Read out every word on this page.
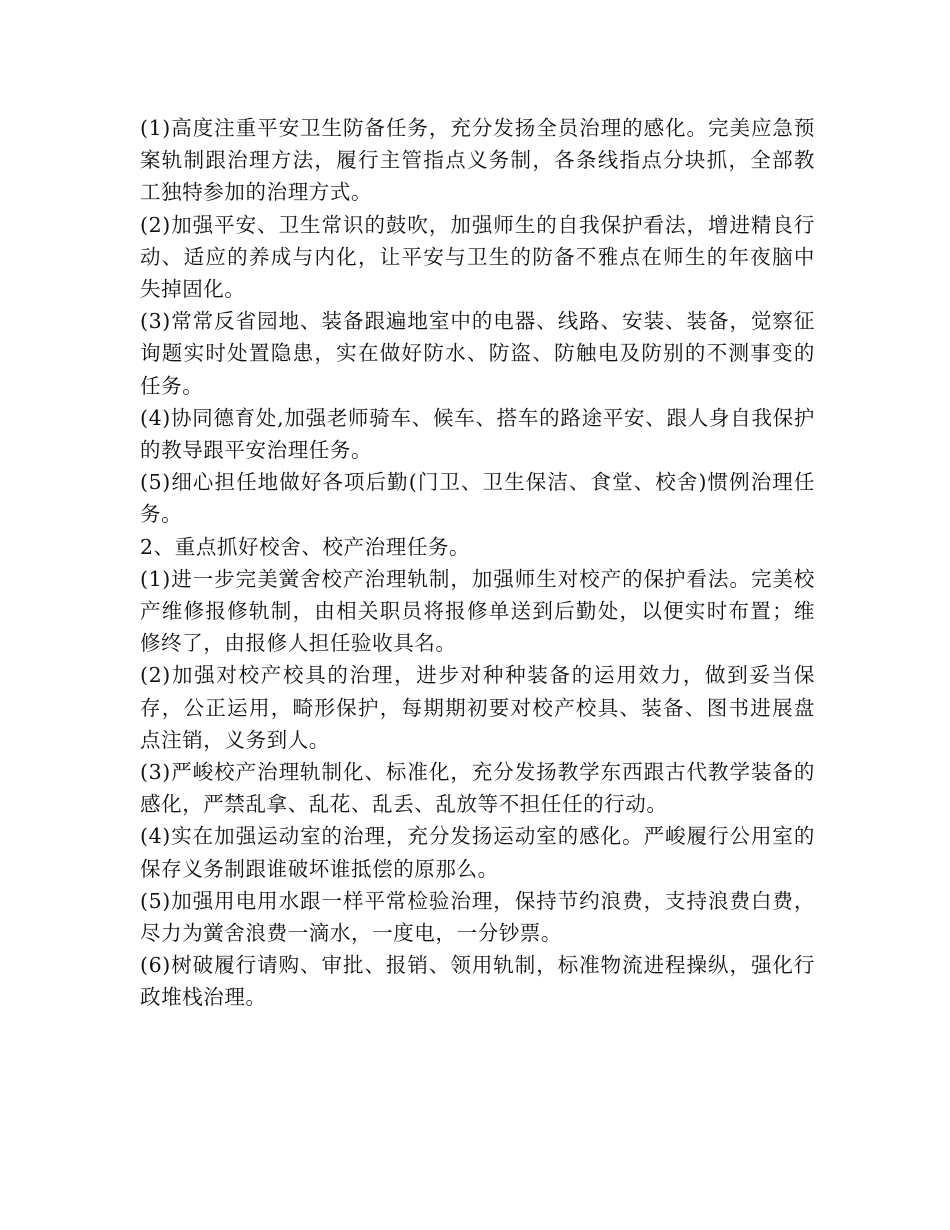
(1)高度注重平安卫生防备任务，充分发扬全员治理的感化。完美应急预案轨制跟治理方法，履行主管指点义务制，各条线指点分块抓，全部教工独特参加的治理方式。

(2)加强平安、卫生常识的鼓吹，加强师生的自我保护看法，增进精良行动、适应的养成与内化，让平安与卫生的防备不雅点在师生的年夜脑中失掉固化。

(3)常常反省园地、装备跟遍地室中的电器、线路、安装、装备，觉察征询题实时处置隐患，实在做好防水、防盗、防触电及防别的不测事变的任务。

(4)协同德育处,加强老师骑车、候车、搭车的路途平安、跟人身自我保护的教导跟平安治理任务。

(5)细心担任地做好各项后勤(门卫、卫生保洁、食堂、校舍)惯例治理任务。

2、重点抓好校舍、校产治理任务。

(1)进一步完美黉舍校产治理轨制，加强师生对校产的保护看法。完美校产维修报修轨制，由相关职员将报修单送到后勤处，以便实时布置；维修终了，由报修人担任验收具名。

(2)加强对校产校具的治理，进步对种种装备的运用效力，做到妥当保存，公正运用，畸形保护，每期期初要对校产校具、装备、图书进展盘点注销，义务到人。

(3)严峻校产治理轨制化、标准化，充分发扬教学东西跟古代教学装备的感化，严禁乱拿、乱花、乱丢、乱放等不担任任的行动。

(4)实在加强运动室的治理，充分发扬运动室的感化。严峻履行公用室的保存义务制跟谁破坏谁抵偿的原那么。

(5)加强用电用水跟一样平常检验治理，保持节约浪费，支持浪费白费，尽力为黉舍浪费一滴水，一度电，一分钞票。

(6)树破履行请购、审批、报销、领用轨制，标准物流进程操纵，强化行政堆栈治理。
